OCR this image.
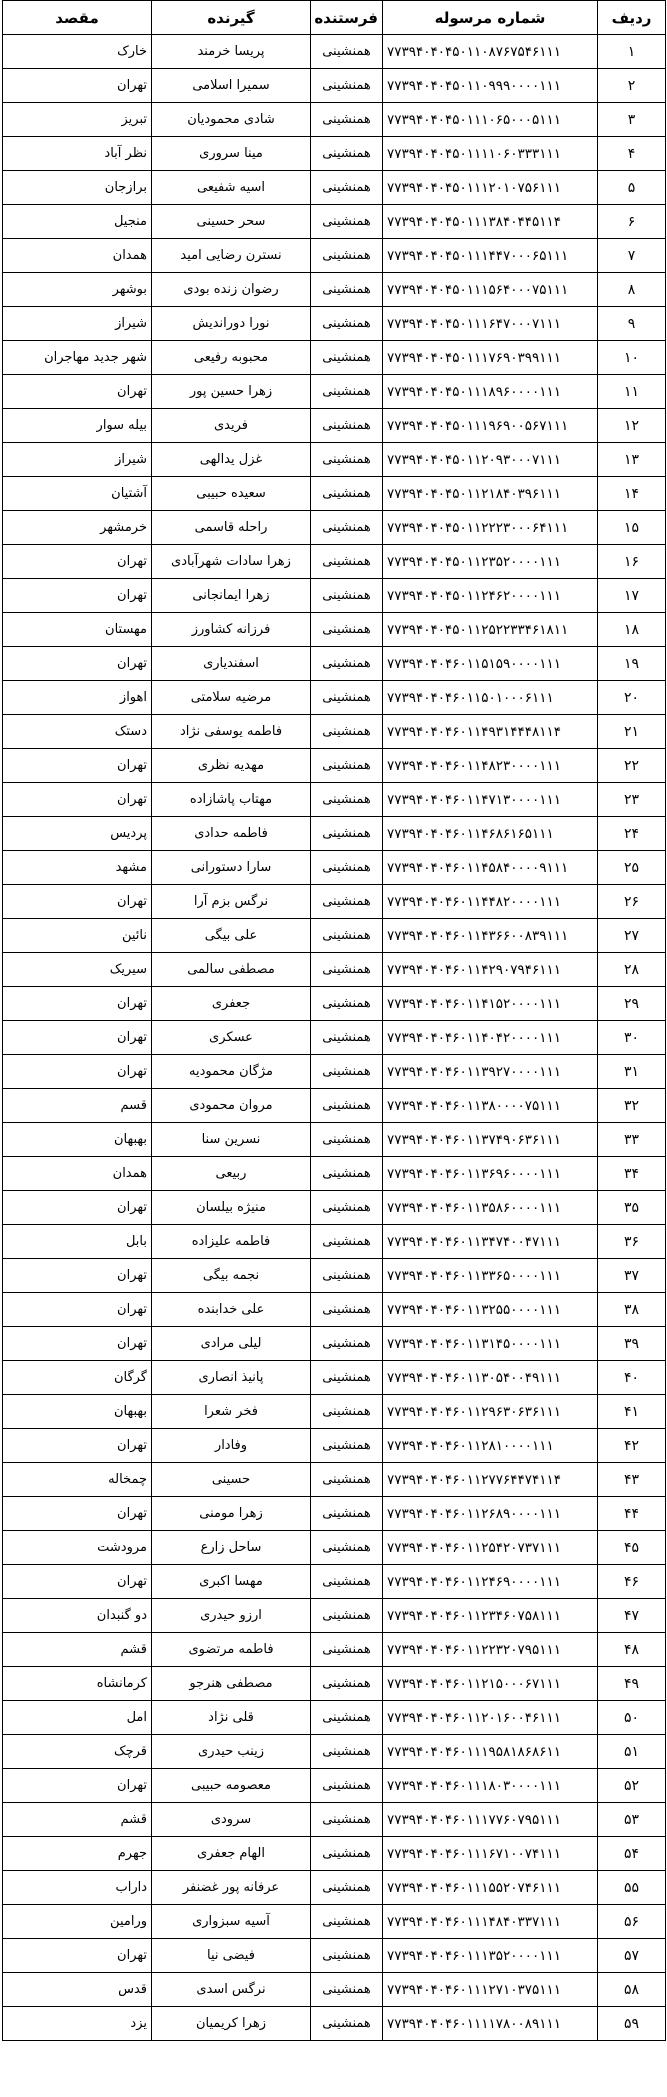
ردیف	شماره مرسوله	فرستنده	گیرنده	مقصد
۱	۷۷۳۹۴۰۴۰۴۵۰۱۱۰۸۷۶۷۵۴۶۱۱۱	همنشینی	پریسا خرمند	خارک
۲	۷۷۳۹۴۰۴۰۴۵۰۱۱۰۹۹۹۰۰۰۰۱۱۱	همنشینی	سمیرا اسلامی	تهران
۳	۷۷۳۹۴۰۴۰۴۵۰۱۱۱۰۶۵۰۰۰۵۱۱۱	همنشینی	شادی محمودیان	تبریز
۴	۷۷۳۹۴۰۴۰۴۵۰۱۱۱۱۰۶۰۳۳۳۱۱۱	همنشینی	مینا سروری	نظر آباد
۵	۷۷۳۹۴۰۴۰۴۵۰۱۱۱۲۰۱۰۷۵۶۱۱۱	همنشینی	اسیه شفیعی	برازجان
۶	۷۷۳۹۴۰۴۰۴۵۰۱۱۱۳۸۴۰۴۴۵۱۱۴	همنشینی	سحر حسینی	منجیل
۷	۷۷۳۹۴۰۴۰۴۵۰۱۱۱۴۴۷۰۰۰۶۵۱۱۱	همنشینی	نسترن رضایی امید	همدان
۸	۷۷۳۹۴۰۴۰۴۵۰۱۱۱۵۶۴۰۰۰۷۵۱۱۱	همنشینی	رضوان زنده بودی	بوشهر
۹	۷۷۳۹۴۰۴۰۴۵۰۱۱۱۶۴۷۰۰۰۷۱۱۱	همنشینی	نورا دورانديش	شیراز
۱۰	۷۷۳۹۴۰۴۰۴۵۰۱۱۱۷۶۹۰۳۹۹۱۱۱	همنشینی	محبوبه رفیعی	شهر جدید مهاجران
۱۱	۷۷۳۹۴۰۴۰۴۵۰۱۱۱۸۹۶۰۰۰۰۱۱۱	همنشینی	زهرا حسین پور	تهران
۱۲	۷۷۳۹۴۰۴۰۴۵۰۱۱۱۹۶۹۰۰۵۶۷۱۱۱	همنشینی	فریدی	بیله سوار
۱۳	۷۷۳۹۴۰۴۰۴۵۰۱۱۲۰۹۳۰۰۰۷۱۱۱	همنشینی	غزل یدالهی	شیراز
۱۴	۷۷۳۹۴۰۴۰۴۵۰۱۱۲۱۸۴۰۳۹۶۱۱۱	همنشینی	سعیده حبیبی	آشتیان
۱۵	۷۷۳۹۴۰۴۰۴۵۰۱۱۲۲۲۳۰۰۰۶۴۱۱۱	همنشینی	راحله قاسمی	خرمشهر
۱۶	۷۷۳۹۴۰۴۰۴۵۰۱۱۲۳۵۲۰۰۰۰۱۱۱	همنشینی	زهرا سادات شهرآبادی	تهران
۱۷	۷۷۳۹۴۰۴۰۴۵۰۱۱۲۴۶۲۰۰۰۰۱۱۱	همنشینی	زهرا ایمانجانی	تهران
۱۸	۷۷۳۹۴۰۴۰۴۵۰۱۱۲۵۲۲۳۳۴۶۱۸۱۱	همنشینی	فرزانه کشاورز	مهستان
۱۹	۷۷۳۹۴۰۴۰۴۶۰۱۱۵۱۵۹۰۰۰۰۱۱۱	همنشینی	اسفندیاری	تهران
۲۰	۷۷۳۹۴۰۴۰۴۶۰۱۱۵۰۱۰۰۰۶۱۱۱	همنشینی	مرضیه سلامتی	اهواز
۲۱	۷۷۳۹۴۰۴۰۴۶۰۱۱۴۹۳۱۴۴۴۸۱۱۴	همنشینی	فاطمه یوسفی نژاد	دستک
۲۲	۷۷۳۹۴۰۴۰۴۶۰۱۱۴۸۲۳۰۰۰۰۱۱۱	همنشینی	مهدیه نظری	تهران
۲۳	۷۷۳۹۴۰۴۰۴۶۰۱۱۴۷۱۳۰۰۰۰۱۱۱	همنشینی	مهتاب پاشازاده	تهران
۲۴	۷۷۳۹۴۰۴۰۴۶۰۱۱۴۶۸۶۱۶۵۱۱۱	همنشینی	فاطمه حدادی	پردیس
۲۵	۷۷۳۹۴۰۴۰۴۶۰۱۱۴۵۸۴۰۰۰۰۹۱۱۱	همنشینی	سارا دستورانی	مشهد
۲۶	۷۷۳۹۴۰۴۰۴۶۰۱۱۴۴۸۲۰۰۰۰۱۱۱	همنشینی	نرگس بزم آرا	تهران
۲۷	۷۷۳۹۴۰۴۰۴۶۰۱۱۴۳۶۶۰۰۸۳۹۱۱۱	همنشینی	علی بیگی	نائین
۲۸	۷۷۳۹۴۰۴۰۴۶۰۱۱۴۲۹۰۷۹۴۶۱۱۱	همنشینی	مصطفی سالمی	سیریک
۲۹	۷۷۳۹۴۰۴۰۴۶۰۱۱۴۱۵۲۰۰۰۰۱۱۱	همنشینی	جعفری	تهران
۳۰	۷۷۳۹۴۰۴۰۴۶۰۱۱۴۰۴۲۰۰۰۰۱۱۱	همنشینی	عسکری	تهران
۳۱	۷۷۳۹۴۰۴۰۴۶۰۱۱۳۹۲۷۰۰۰۰۱۱۱	همنشینی	مژگان محمودیه	تهران
۳۲	۷۷۳۹۴۰۴۰۴۶۰۱۱۳۸۰۰۰۰۷۵۱۱۱	همنشینی	مروان محمودی	قسم
۳۳	۷۷۳۹۴۰۴۰۴۶۰۱۱۳۷۴۹۰۶۳۶۱۱۱	همنشینی	نسرین سنا	بهبهان
۳۴	۷۷۳۹۴۰۴۰۴۶۰۱۱۳۶۹۶۰۰۰۰۱۱۱	همنشینی	ربیعی	همدان
۳۵	۷۷۳۹۴۰۴۰۴۶۰۱۱۳۵۸۶۰۰۰۰۱۱۱	همنشینی	منیژه بیلسان	تهران
۳۶	۷۷۳۹۴۰۴۰۴۶۰۱۱۳۴۷۴۰۰۴۷۱۱۱	همنشینی	فاطمه علیزاده	بابل
۳۷	۷۷۳۹۴۰۴۰۴۶۰۱۱۳۳۶۵۰۰۰۰۱۱۱	همنشینی	نجمه بیگی	تهران
۳۸	۷۷۳۹۴۰۴۰۴۶۰۱۱۳۲۵۵۰۰۰۰۱۱۱	همنشینی	علی خدابنده	تهران
۳۹	۷۷۳۹۴۰۴۰۴۶۰۱۱۳۱۴۵۰۰۰۰۱۱۱	همنشینی	لیلی مرادی	تهران
۴۰	۷۷۳۹۴۰۴۰۴۶۰۱۱۳۰۵۴۰۰۴۹۱۱۱	همنشینی	پانیذ انصاری	گرگان
۴۱	۷۷۳۹۴۰۴۰۴۶۰۱۱۲۹۶۳۰۶۳۶۱۱۱	همنشینی	فخر شعرا	بهبهان
۴۲	۷۷۳۹۴۰۴۰۴۶۰۱۱۲۸۱۰۰۰۰۱۱۱	همنشینی	وفادار	تهران
۴۳	۷۷۳۹۴۰۴۰۴۶۰۱۱۲۷۷۶۴۴۷۴۱۱۴	همنشینی	حسینی	چمخاله
۴۴	۷۷۳۹۴۰۴۰۴۶۰۱۱۲۶۸۹۰۰۰۰۱۱۱	همنشینی	زهرا مومنی	تهران
۴۵	۷۷۳۹۴۰۴۰۴۶۰۱۱۲۵۴۲۰۷۳۷۱۱۱	همنشینی	ساحل زارع	مرودشت
۴۶	۷۷۳۹۴۰۴۰۴۶۰۱۱۲۴۶۹۰۰۰۰۱۱۱	همنشینی	مهسا اکبری	تهران
۴۷	۷۷۳۹۴۰۴۰۴۶۰۱۱۲۳۴۶۰۷۵۸۱۱۱	همنشینی	ارزو حیدری	دو گنبدان
۴۸	۷۷۳۹۴۰۴۰۴۶۰۱۱۲۲۳۲۰۷۹۵۱۱۱	همنشینی	فاطمه مرتضوی	قشم
۴۹	۷۷۳۹۴۰۴۰۴۶۰۱۱۲۱۵۰۰۰۶۷۱۱۱	همنشینی	مصطفی هنرجو	کرمانشاه
۵۰	۷۷۳۹۴۰۴۰۴۶۰۱۱۲۰۱۶۰۰۴۶۱۱۱	همنشینی	قلی نژاد	امل
۵۱	۷۷۳۹۴۰۴۰۴۶۰۱۱۱۹۵۸۱۸۶۸۶۱۱	همنشینی	زینب حیدری	قرچک
۵۲	۷۷۳۹۴۰۴۰۴۶۰۱۱۱۸۰۳۰۰۰۰۱۱۱	همنشینی	معصومه حبیبی	تهران
۵۳	۷۷۳۹۴۰۴۰۴۶۰۱۱۱۷۷۶۰۷۹۵۱۱۱	همنشینی	سرودی	قشم
۵۴	۷۷۳۹۴۰۴۰۴۶۰۱۱۱۶۷۱۰۰۷۴۱۱۱	همنشینی	الهام جعفری	جهرم
۵۵	۷۷۳۹۴۰۴۰۴۶۰۱۱۱۵۵۲۰۷۴۶۱۱۱	همنشینی	عرفانه پور غضنفر	داراب
۵۶	۷۷۳۹۴۰۴۰۴۶۰۱۱۱۴۸۴۰۳۳۷۱۱۱	همنشینی	آسیه سبزواری	ورامین
۵۷	۷۷۳۹۴۰۴۰۴۶۰۱۱۱۳۵۲۰۰۰۰۱۱۱	همنشینی	فیضی نیا	تهران
۵۸	۷۷۳۹۴۰۴۰۴۶۰۱۱۱۲۷۱۰۳۷۵۱۱۱	همنشینی	نرگس اسدی	قدس
۵۹	۷۷۳۹۴۰۴۰۴۶۰۱۱۱۱۷۸۰۰۸۹۱۱۱	همنشینی	زهرا کریمیان	یزد
